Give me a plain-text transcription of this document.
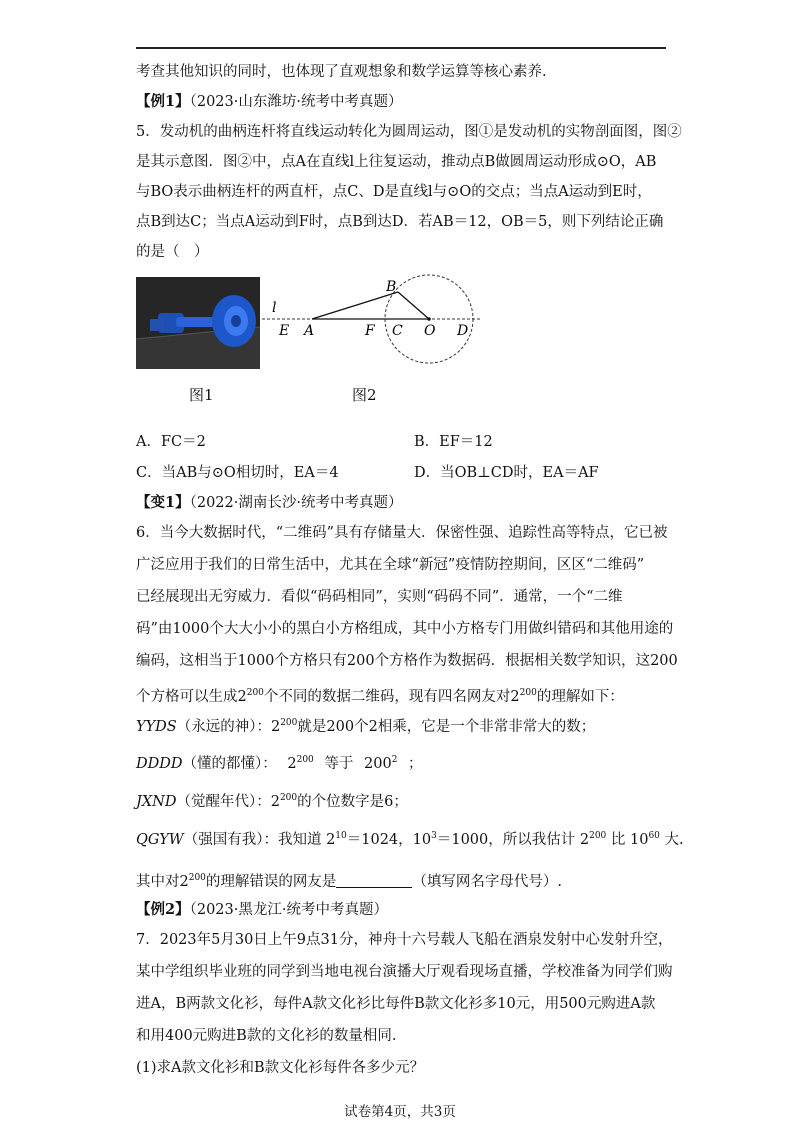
考查其他知识的同时，也体现了直观想象和数学运算等核心素养.
【例1】（2023·山东潍坊·统考中考真题）
5．发动机的曲柄连杆将直线运动转化为圆周运动，图①是发动机的实物剖面图，图②
是其示意图．图②中，点A在直线l上往复运动，推动点B做圆周运动形成⊙O，AB
与BO表示曲柄连杆的两直杆，点C、D是直线l与⊙O的交点；当点A运动到E时，
点B到达C；当点A运动到F时，点B到达D．若AB＝12，OB＝5，则下列结论正确
的是（　）
l
E A	F C O D
B
图1	图2
A．FC＝2	B．EF＝12
C．当AB与⊙O相切时，EA＝4	D．当OB⊥CD时，EA＝AF
【变1】（2022·湖南长沙·统考中考真题）
6．当今大数据时代，“二维码”具有存储量大．保密性强、追踪性高等特点，它已被
广泛应用于我们的日常生活中，尤其在全球“新冠”疫情防控期间，区区“二维码”
已经展现出无穷威力．看似“码码相同”，实则“码码不同”．通常，一个“二维
码”由1000个大大小小的黑白小方格组成，其中小方格专门用做纠错码和其他用途的
编码，这相当于1000个方格只有200个方格作为数据码．根据相关数学知识，这200
个方格可以生成$2^{200}$个不同的数据二维码，现有四名网友对$2^{200}$的理解如下：
YYDS（永远的神）：$2^{200}$就是200个2相乘，它是一个非常非常大的数；
DDDD（懂的都懂）： $2^{200}$ 等于 $200^2$ ；
JXND（觉醒年代）：$2^{200}$的个位数字是6；
QGYW（强国有我）：我知道 $2^{10}=1024$，$10^3=1000$，所以我估计 $2^{200}$ 比 $10^{60}$ 大.
其中对$2^{200}$的理解错误的网友是	（填写网名字母代号）.
【例2】（2023·黑龙江·统考中考真题）
7．2023年5月30日上午9点31分，神舟十六号载人飞船在酒泉发射中心发射升空，
某中学组织毕业班的同学到当地电视台演播大厅观看现场直播，学校准备为同学们购
进A，B两款文化衫，每件A款文化衫比每件B款文化衫多10元，用500元购进A款
和用400元购进B款的文化衫的数量相同.
(1)求A款文化衫和B款文化衫每件各多少元？
试卷第4页，共3页
